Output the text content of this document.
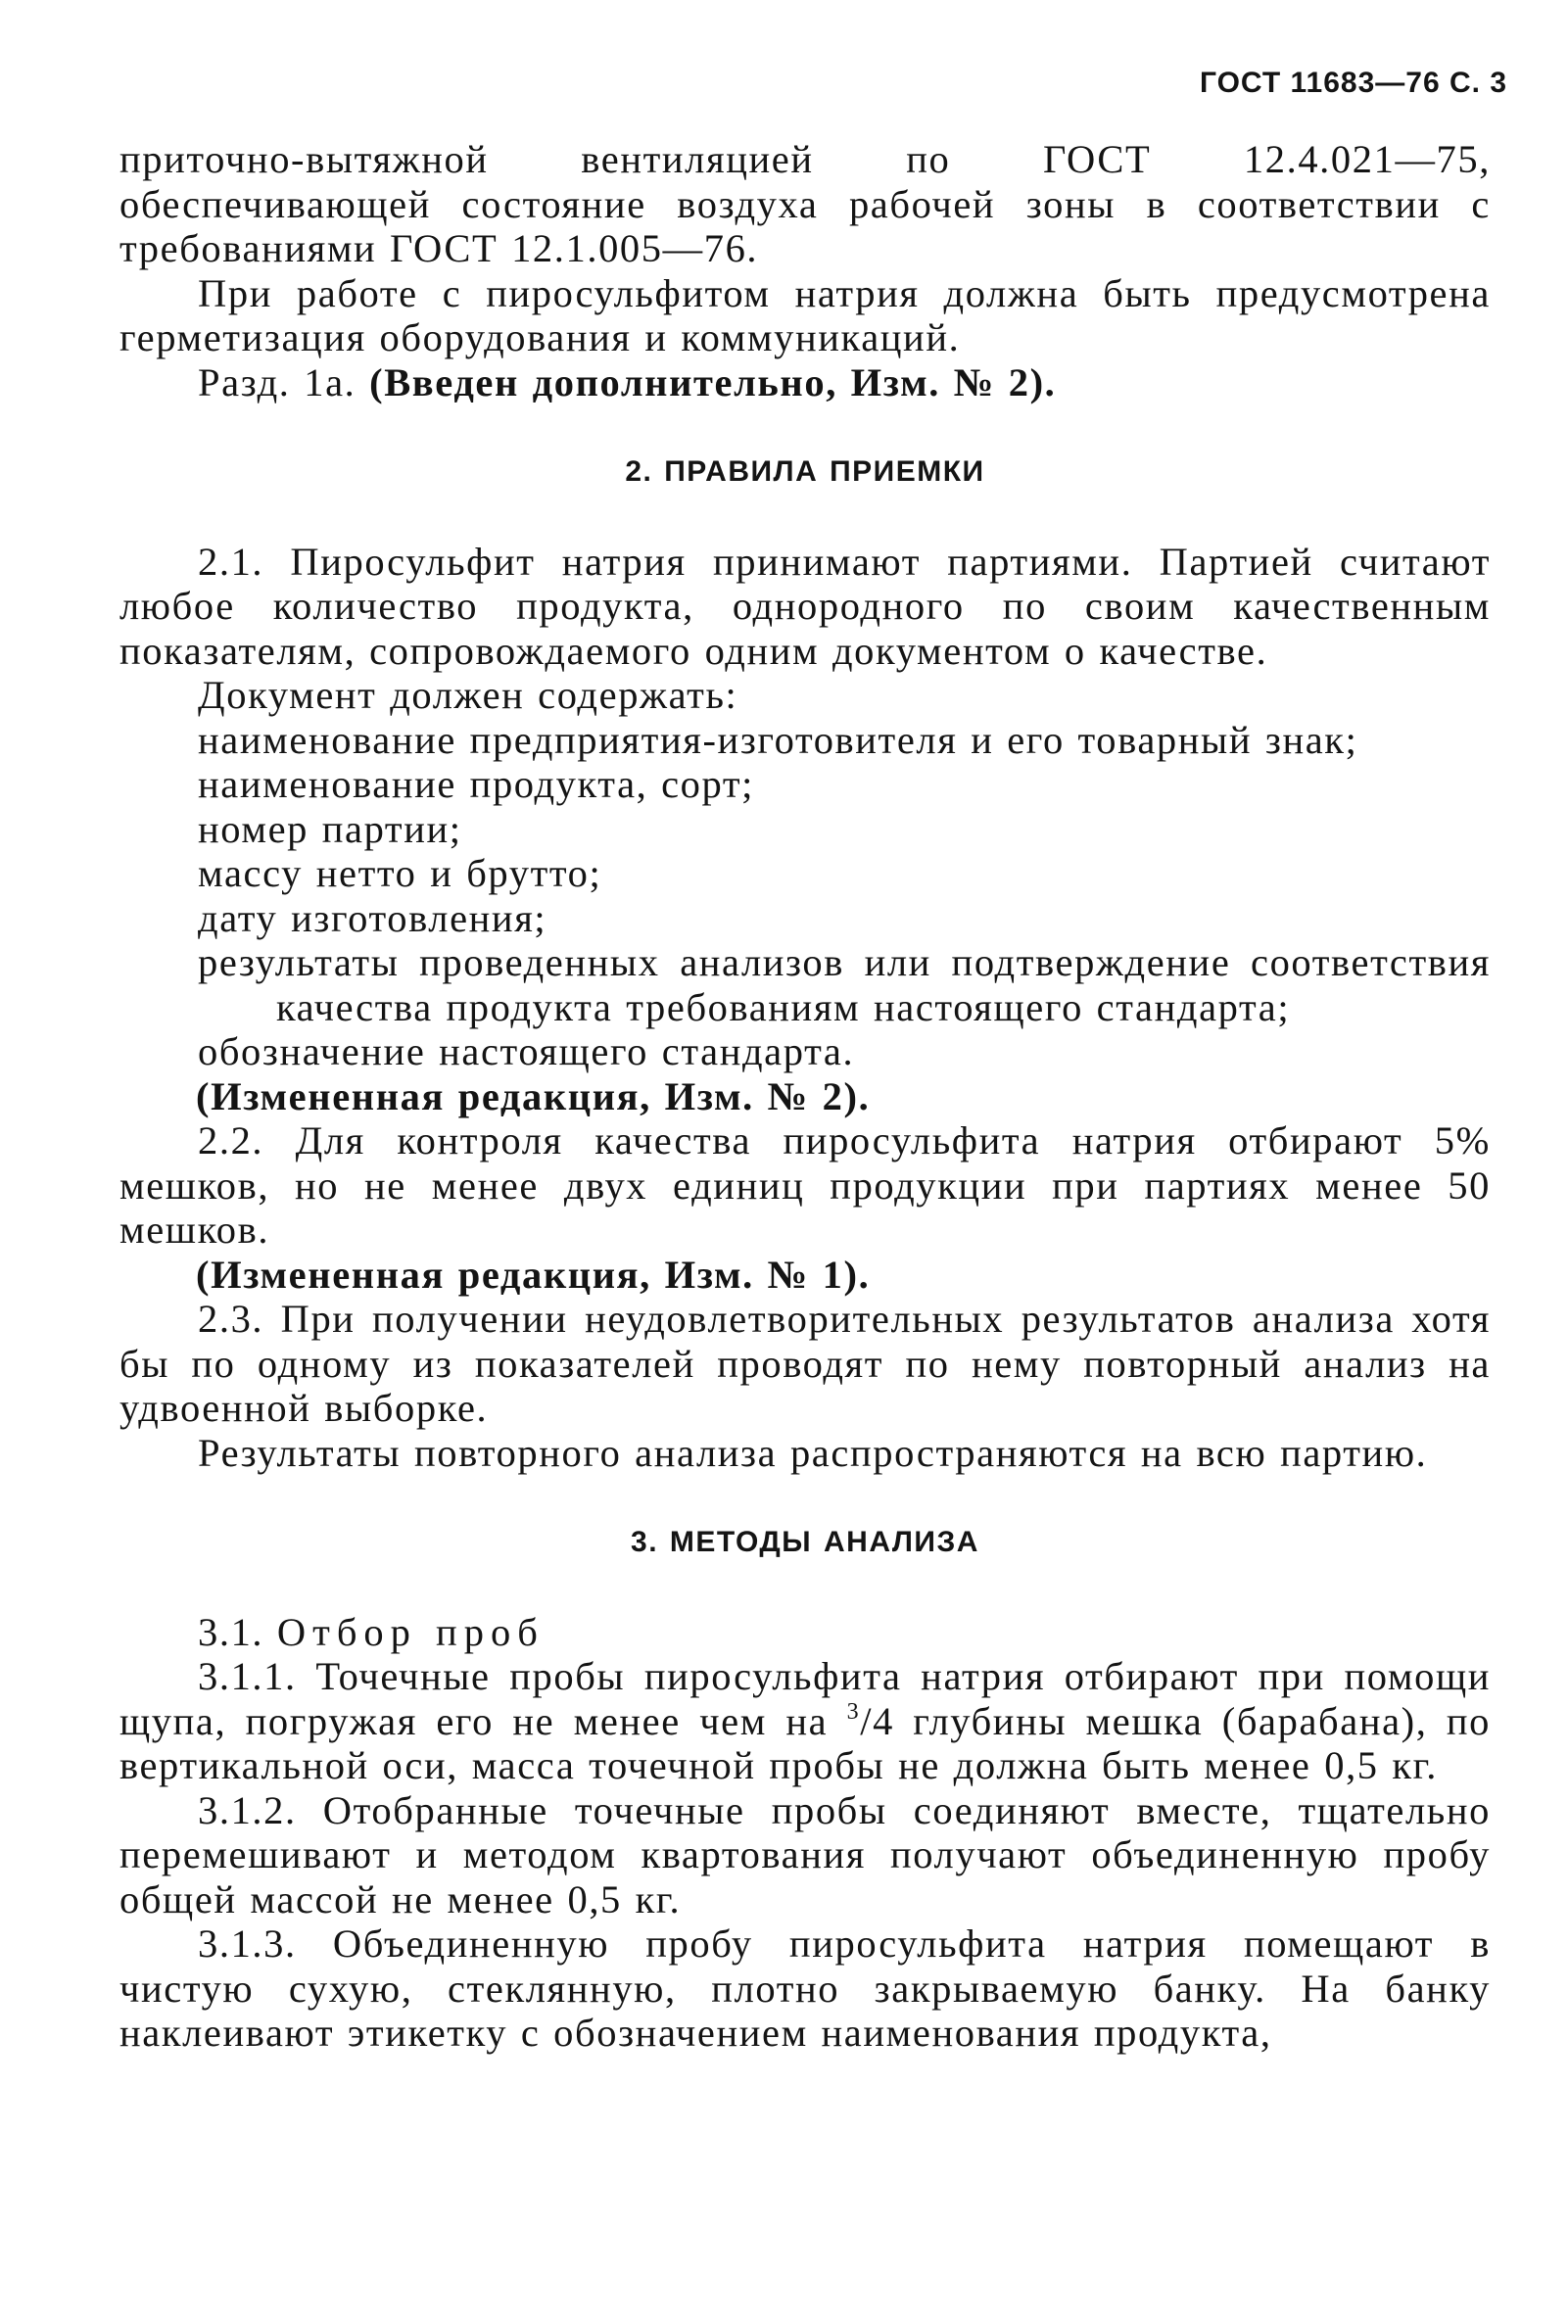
ГОСТ 11683—76 С. 3

приточно-вытяжной вентиляцией по ГОСТ 12.4.021—75, обеспечивающей состояние воздуха рабочей зоны в соответствии с требованиями ГОСТ 12.1.005—76.

При работе с пиросульфитом натрия должна быть предусмотрена герметизация оборудования и коммуникаций.

Разд. 1а. (Введен дополнительно, Изм. № 2).

2. ПРАВИЛА ПРИЕМКИ

2.1. Пиросульфит натрия принимают партиями. Партией считают любое количество продукта, однородного по своим качественным показателям, сопровождаемого одним документом о качестве.

Документ должен содержать:

наименование предприятия-изготовителя и его товарный знак;

наименование продукта, сорт;

номер партии;

массу нетто и брутто;

дату изготовления;

результаты проведенных анализов или подтверждение соответствия качества продукта требованиям настоящего стандарта;

обозначение настоящего стандарта.

(Измененная редакция, Изм. № 2).

2.2. Для контроля качества пиросульфита натрия отбирают 5% мешков, но не менее двух единиц продукции при партиях менее 50 мешков.

(Измененная редакция, Изм. № 1).

2.3. При получении неудовлетворительных результатов анализа хотя бы по одному из показателей проводят по нему повторный анализ на удвоенной выборке.

Результаты повторного анализа распространяются на всю партию.

3. МЕТОДЫ АНАЛИЗА

3.1. Отбор проб

3.1.1. Точечные пробы пиросульфита натрия отбирают при помощи щупа, погружая его не менее чем на $^3$/4 глубины мешка (барабана), по вертикальной оси, масса точечной пробы не должна быть менее 0,5 кг.

3.1.2. Отобранные точечные пробы соединяют вместе, тщательно перемешивают и методом квартования получают объединенную пробу общей массой не менее 0,5 кг.

3.1.3. Объединенную пробу пиросульфита натрия помещают в чистую сухую, стеклянную, плотно закрываемую банку. На банку наклеивают этикетку с обозначением наименования продукта,
